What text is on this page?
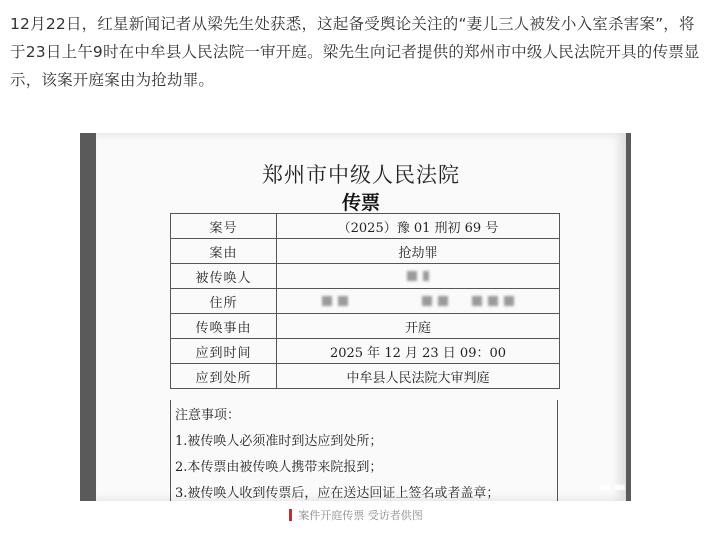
12月22日，红星新闻记者从梁先生处获悉，这起备受舆论关注的“妻儿三人被发小入室杀害案”，将于23日上午9时在中牟县人民法院一审开庭。梁先生向记者提供的郑州市中级人民法院开具的传票显示，该案开庭案由为抢劫罪。

郑州市中级人民法院
传票
案号	（2025）豫 01 刑初 69 号
案由	抢劫罪
被传唤人	
住所	
传唤事由	开庭
应到时间	2025 年 12 月 23 日 09：00
应到处所	中牟县人民法院大审判庭
注意事项：
1.被传唤人必须准时到达应到处所；
2.本传票由被传唤人携带来院报到；
3.被传唤人收到传票后，应在送达回证上签名或者盖章；	▬▬
案件开庭传票 受访者供图
